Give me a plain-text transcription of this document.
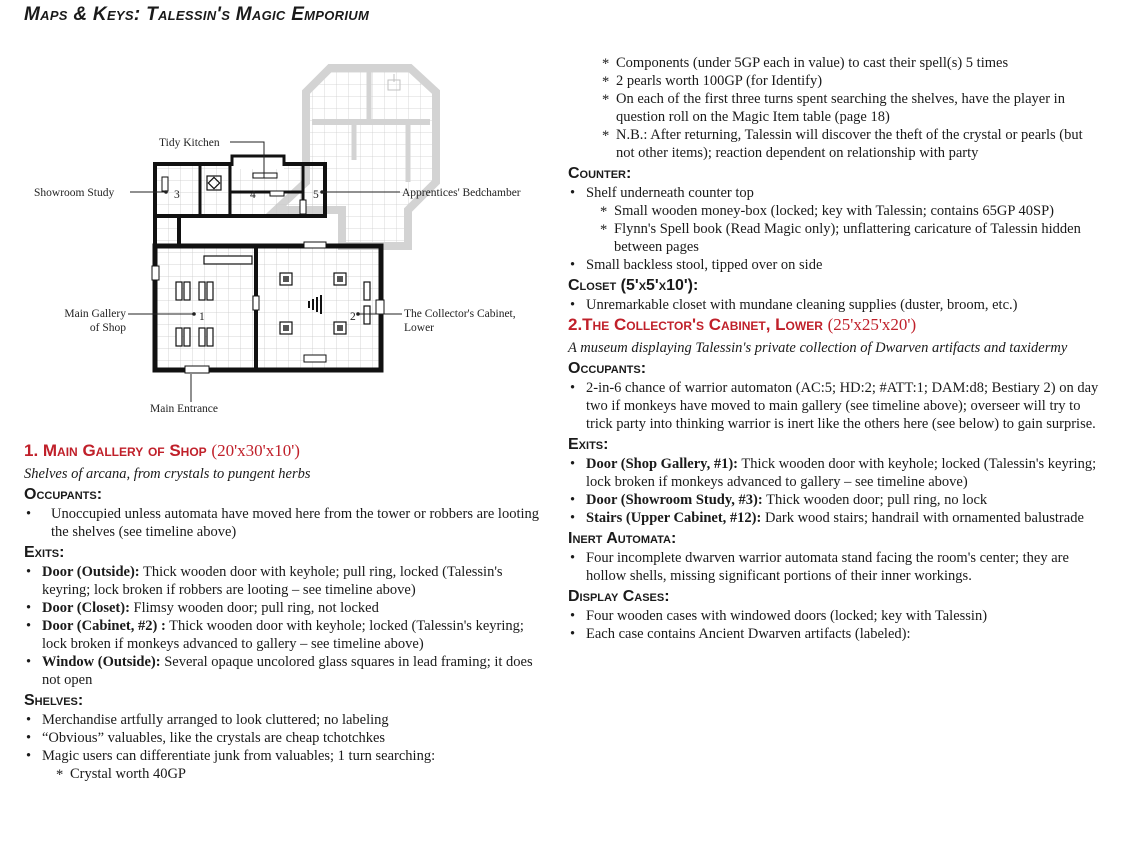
Maps & Keys: Talessin's Magic Emporium
3	4	5
1	2
Tidy Kitchen
Showroom Study	Apprentices' Bedchamber
Main Gallery
of Shop
The Collector's Cabinet,
Lower
Main Entrance
1. Main Gallery of Shop (20'x30'x10')
Shelves of arcana, from crystals to pungent herbs
Occupants:
• Unoccupied unless automata have moved here from the tower or robbers are looting the shelves (see timeline above)
Exits:
• Door (Outside): Thick wooden door with keyhole; pull ring, locked (Talessin's keyring; lock broken if robbers are looting – see timeline above)
• Door (Closet): Flimsy wooden door; pull ring, not locked
• Door (Cabinet, #2) : Thick wooden door with keyhole; locked (Talessin's keyring; lock broken if monkeys advanced to gallery – see timeline above)
• Window (Outside): Several opaque uncolored glass squares in lead framing; it does not open
Shelves:
• Merchandise artfully arranged to look cluttered; no labeling
• “Obvious” valuables, like the crystals are cheap tchotchkes
• Magic users can differentiate junk from valuables; 1 turn searching:
* Crystal worth 40GP
* Components (under 5GP each in value) to cast their spell(s) 5 times
* 2 pearls worth 100GP (for Identify)
* On each of the first three turns spent searching the shelves, have the player in question roll on the Magic Item table (page 18)
* N.B.: After returning, Talessin will discover the theft of the crystal or pearls (but not other items); reaction dependent on relationship with party
Counter:
• Shelf underneath counter top
* Small wooden money-box (locked; key with Talessin; contains 65GP 40SP)
* Flynn's Spell book (Read Magic only); unflattering caricature of Talessin hidden between pages
• Small backless stool, tipped over on side
Closet (5'x5'x10'):
• Unremarkable closet with mundane cleaning supplies (duster, broom, etc.)
2.The Collector's Cabinet, Lower (25'x25'x20')
A museum displaying Talessin's private collection of Dwarven artifacts and taxidermy
Occupants:
• 2-in-6 chance of warrior automaton (AC:5; HD:2; #ATT:1; DAM:d8; Bestiary 2) on day two if monkeys have moved to main gallery (see timeline above); overseer will try to trick party into thinking warrior is inert like the others here (see below) to gain surprise.
Exits:
• Door (Shop Gallery, #1): Thick wooden door with keyhole; locked (Talessin's keyring; lock broken if monkeys advanced to gallery – see timeline above)
• Door (Showroom Study, #3): Thick wooden door; pull ring, no lock
• Stairs (Upper Cabinet, #12): Dark wood stairs; handrail with ornamented balustrade
Inert Automata:
• Four incomplete dwarven warrior automata stand facing the room's center; they are hollow shells, missing significant portions of their inner workings.
Display Cases:
• Four wooden cases with windowed doors (locked; key with Talessin)
• Each case contains Ancient Dwarven artifacts (labeled):
